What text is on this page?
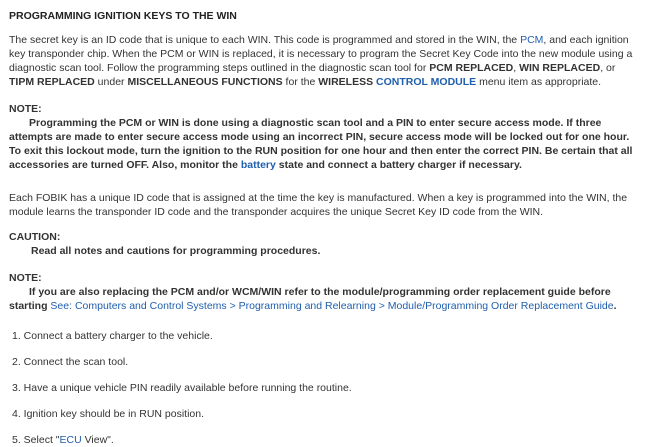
PROGRAMMING IGNITION KEYS TO THE WIN

The secret key is an ID code that is unique to each WIN. This code is programmed and stored in the WIN, the PCM, and each ignition key transponder chip. When the PCM or WIN is replaced, it is necessary to program the Secret Key Code into the new module using a diagnostic scan tool. Follow the programming steps outlined in the diagnostic scan tool for PCM REPLACED, WIN REPLACED, or TIPM REPLACED under MISCELLANEOUS FUNCTIONS for the WIRELESS CONTROL MODULE menu item as appropriate.

NOTE:

Programming the PCM or WIN is done using a diagnostic scan tool and a PIN to enter secure access mode. If three attempts are made to enter secure access mode using an incorrect PIN, secure access mode will be locked out for one hour. To exit this lockout mode, turn the ignition to the RUN position for one hour and then enter the correct PIN. Be certain that all accessories are turned OFF. Also, monitor the battery state and connect a battery charger if necessary.

Each FOBIK has a unique ID code that is assigned at the time the key is manufactured. When a key is programmed into the WIN, the module learns the transponder ID code and the transponder acquires the unique Secret Key ID code from the WIN.

CAUTION:

Read all notes and cautions for programming procedures.

NOTE:

If you are also replacing the PCM and/or WCM/WIN refer to the module/programming order replacement guide before starting See: Computers and Control Systems > Programming and Relearning > Module/Programming Order Replacement Guide.

1. Connect a battery charger to the vehicle.
2. Connect the scan tool.
3. Have a unique vehicle PIN readily available before running the routine.
4. Ignition key should be in RUN position.
5. Select "ECU View".
